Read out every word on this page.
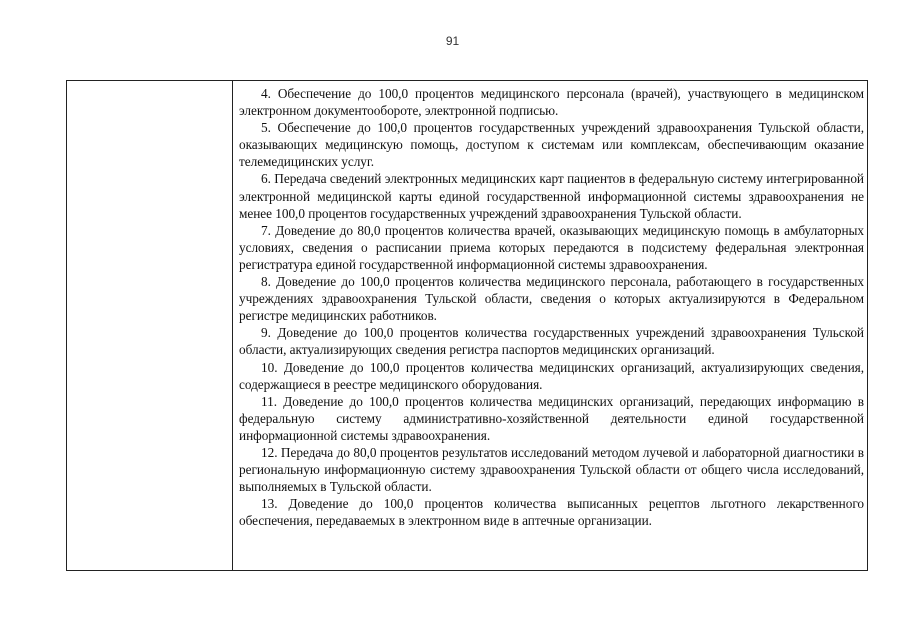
91

4. Обеспечение до 100,0 процентов медицинского персонала (врачей), участвующего в медицинском электронном документообороте, электронной подписью.

5. Обеспечение до 100,0 процентов государственных учреждений здравоохранения Тульской области, оказывающих медицинскую помощь, доступом к системам или комплексам, обеспечивающим оказание телемедицинских услуг.

6. Передача сведений электронных медицинских карт пациентов в федеральную систему интегрированной электронной медицинской карты единой государственной информационной системы здравоохранения не менее 100,0 процентов государственных учреждений здравоохранения Тульской области.

7. Доведение до 80,0 процентов количества врачей, оказывающих медицинскую помощь в амбулаторных условиях, сведения о расписании приема которых передаются в подсистему федеральная электронная регистратура единой государственной информационной системы здравоохранения.

8. Доведение до 100,0 процентов количества медицинского персонала, работающего в государственных учреждениях здравоохранения Тульской области, сведения о которых актуализируются в Федеральном регистре медицинских работников.

9. Доведение до 100,0 процентов количества государственных учреждений здравоохранения Тульской области, актуализирующих сведения регистра паспортов медицинских организаций.

10. Доведение до 100,0 процентов количества медицинских организаций, актуализирующих сведения, содержащиеся в реестре медицинского оборудования.

11. Доведение до 100,0 процентов количества медицинских организаций, передающих информацию в федеральную систему административно-хозяйственной деятельности единой государственной информационной системы здравоохранения.

12. Передача до 80,0 процентов результатов исследований методом лучевой и лабораторной диагностики в региональную информационную систему здравоохранения Тульской области от общего числа исследований, выполняемых в Тульской области.

13. Доведение до 100,0 процентов количества выписанных рецептов льготного лекарственного обеспечения, передаваемых в электронном виде в аптечные организации.
